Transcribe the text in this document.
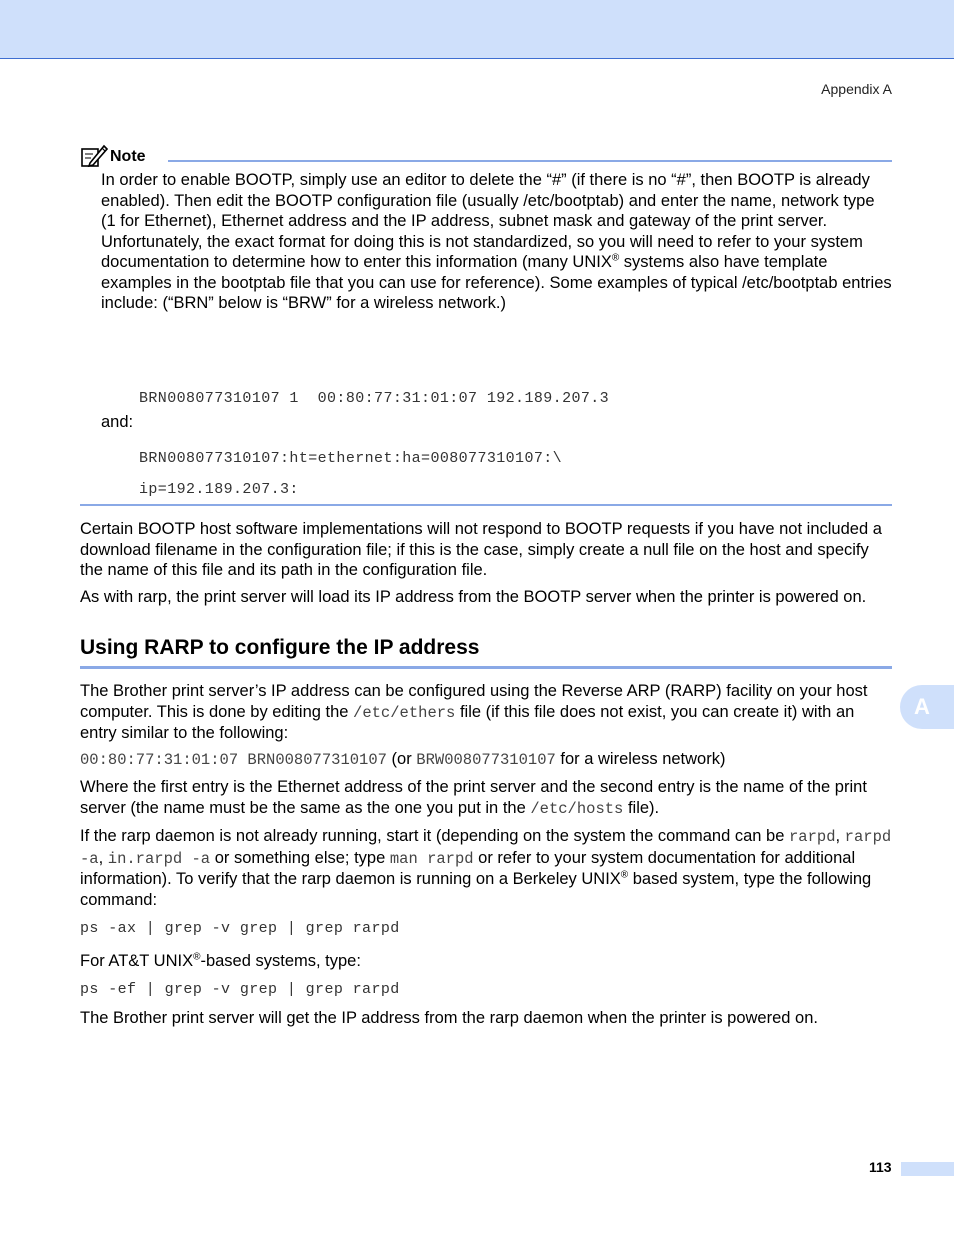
Appendix A
Note
In order to enable BOOTP, simply use an editor to delete the “#” (if there is no “#”, then BOOTP is already enabled). Then edit the BOOTP configuration file (usually /etc/bootptab) and enter the name, network type (1 for Ethernet), Ethernet address and the IP address, subnet mask and gateway of the print server. Unfortunately, the exact format for doing this is not standardized, so you will need to refer to your system documentation to determine how to enter this information (many UNIX® systems also have template examples in the bootptab file that you can use for reference). Some examples of typical /etc/bootptab entries include: (“BRN” below is “BRW” for a wireless network.)
BRN008077310107 1  00:80:77:31:01:07 192.189.207.3
and:
BRN008077310107:ht=ethernet:ha=008077310107:\
ip=192.189.207.3:
Certain BOOTP host software implementations will not respond to BOOTP requests if you have not included a download filename in the configuration file; if this is the case, simply create a null file on the host and specify the name of this file and its path in the configuration file.
As with rarp, the print server will load its IP address from the BOOTP server when the printer is powered on.
Using RARP to configure the IP address
The Brother print server’s IP address can be configured using the Reverse ARP (RARP) facility on your host computer. This is done by editing the /etc/ethers file (if this file does not exist, you can create it) with an entry similar to the following:
00:80:77:31:01:07 BRN008077310107 (or BRW008077310107 for a wireless network)
Where the first entry is the Ethernet address of the print server and the second entry is the name of the print server (the name must be the same as the one you put in the /etc/hosts file).
If the rarp daemon is not already running, start it (depending on the system the command can be rarpd, rarpd -a, in.rarpd -a or something else; type man rarpd or refer to your system documentation for additional information). To verify that the rarp daemon is running on a Berkeley UNIX® based system, type the following command:
ps -ax | grep -v grep | grep rarpd
For AT&T UNIX®-based systems, type:
ps -ef | grep -v grep | grep rarpd
The Brother print server will get the IP address from the rarp daemon when the printer is powered on.
A
113
